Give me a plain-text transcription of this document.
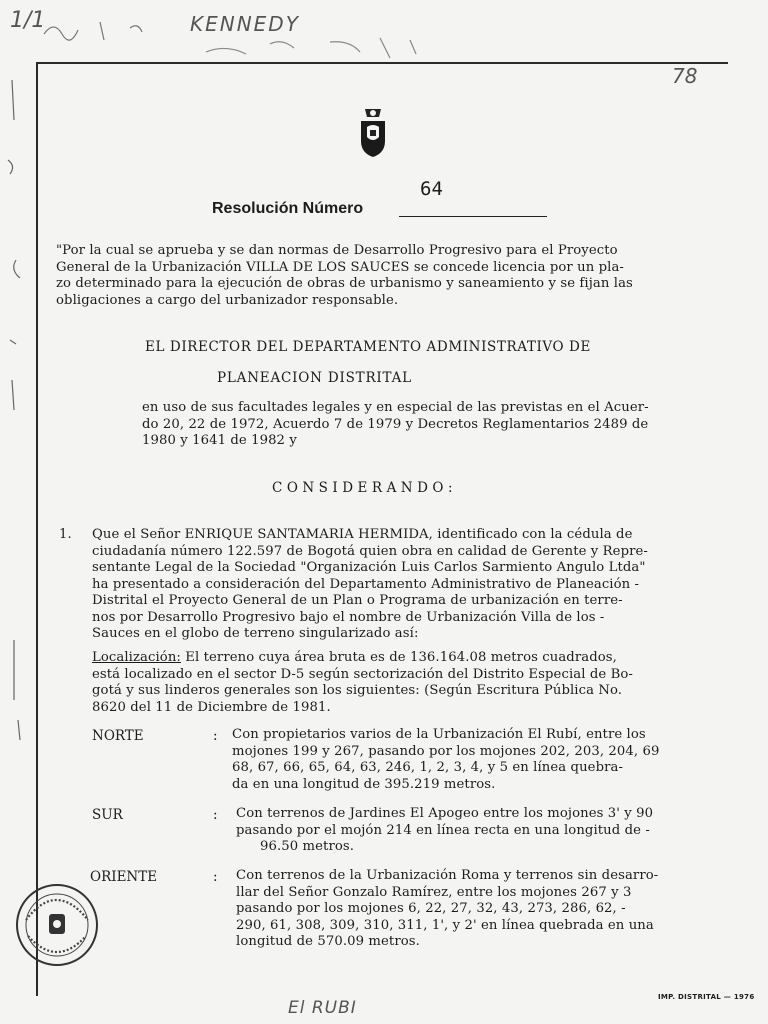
1/1	KENNEDY
78
Resolución Número
64
"Por la cual se aprueba y se dan normas de Desarrollo Progresivo para el Proyecto
General de la Urbanización VILLA DE LOS SAUCES se concede licencia por un pla-
zo determinado para la ejecución de obras de urbanismo y saneamiento y se fijan las
obligaciones a cargo del urbanizador responsable.
EL DIRECTOR DEL DEPARTAMENTO ADMINISTRATIVO DE
PLANEACION DISTRITAL
en uso de sus facultades legales y en especial de las previstas en el Acuer-
do 20, 22 de 1972, Acuerdo 7 de 1979 y Decretos Reglamentarios 2489 de
1980 y 1641 de 1982 y
C O N S I D E R A N D O :
1. Que el Señor ENRIQUE SANTAMARIA HERMIDA, identificado con la cédula de
ciudadanía número 122.597 de Bogotá quien obra en calidad de Gerente y Repre-
sentante Legal de la Sociedad "Organización Luis Carlos Sarmiento Angulo Ltda"
ha presentado a consideración del Departamento Administrativo de Planeación -
Distrital el Proyecto General de un Plan o Programa de urbanización en terre-
nos por Desarrollo Progresivo bajo el nombre de Urbanización Villa de los -
Sauces en el globo de terreno singularizado así:
Localización: El terreno cuya área bruta es de 136.164.08 metros cuadrados,
está localizado en el sector D-5 según sectorización del Distrito Especial de Bo-
gotá y sus linderos generales son los siguientes: (Según Escritura Pública No.
8620 del 11 de Diciembre de 1981.
NORTE	: Con propietarios varios de la Urbanización El Rubí, entre los
mojones 199 y 267, pasando por los mojones 202, 203, 204, 69
68, 67, 66, 65, 64, 63, 246, 1, 2, 3, 4, y 5 en línea quebra-
da en una longitud de 395.219 metros.
SUR	: Con terrenos de Jardines El Apogeo entre los mojones 3' y 90
pasando por el mojón 214 en línea recta en una longitud de -
96.50 metros.
ORIENTE	: Con terrenos de la Urbanización Roma y terrenos sin desarro-
llar del Señor Gonzalo Ramírez, entre los mojones 267 y 3
pasando por los mojones 6, 22, 27, 32, 43, 273, 286, 62, -
290, 61, 308, 309, 310, 311, 1', y 2' en línea quebrada en una
longitud de 570.09 metros.
IMP. DISTRITAL — 1976
El RUBI
